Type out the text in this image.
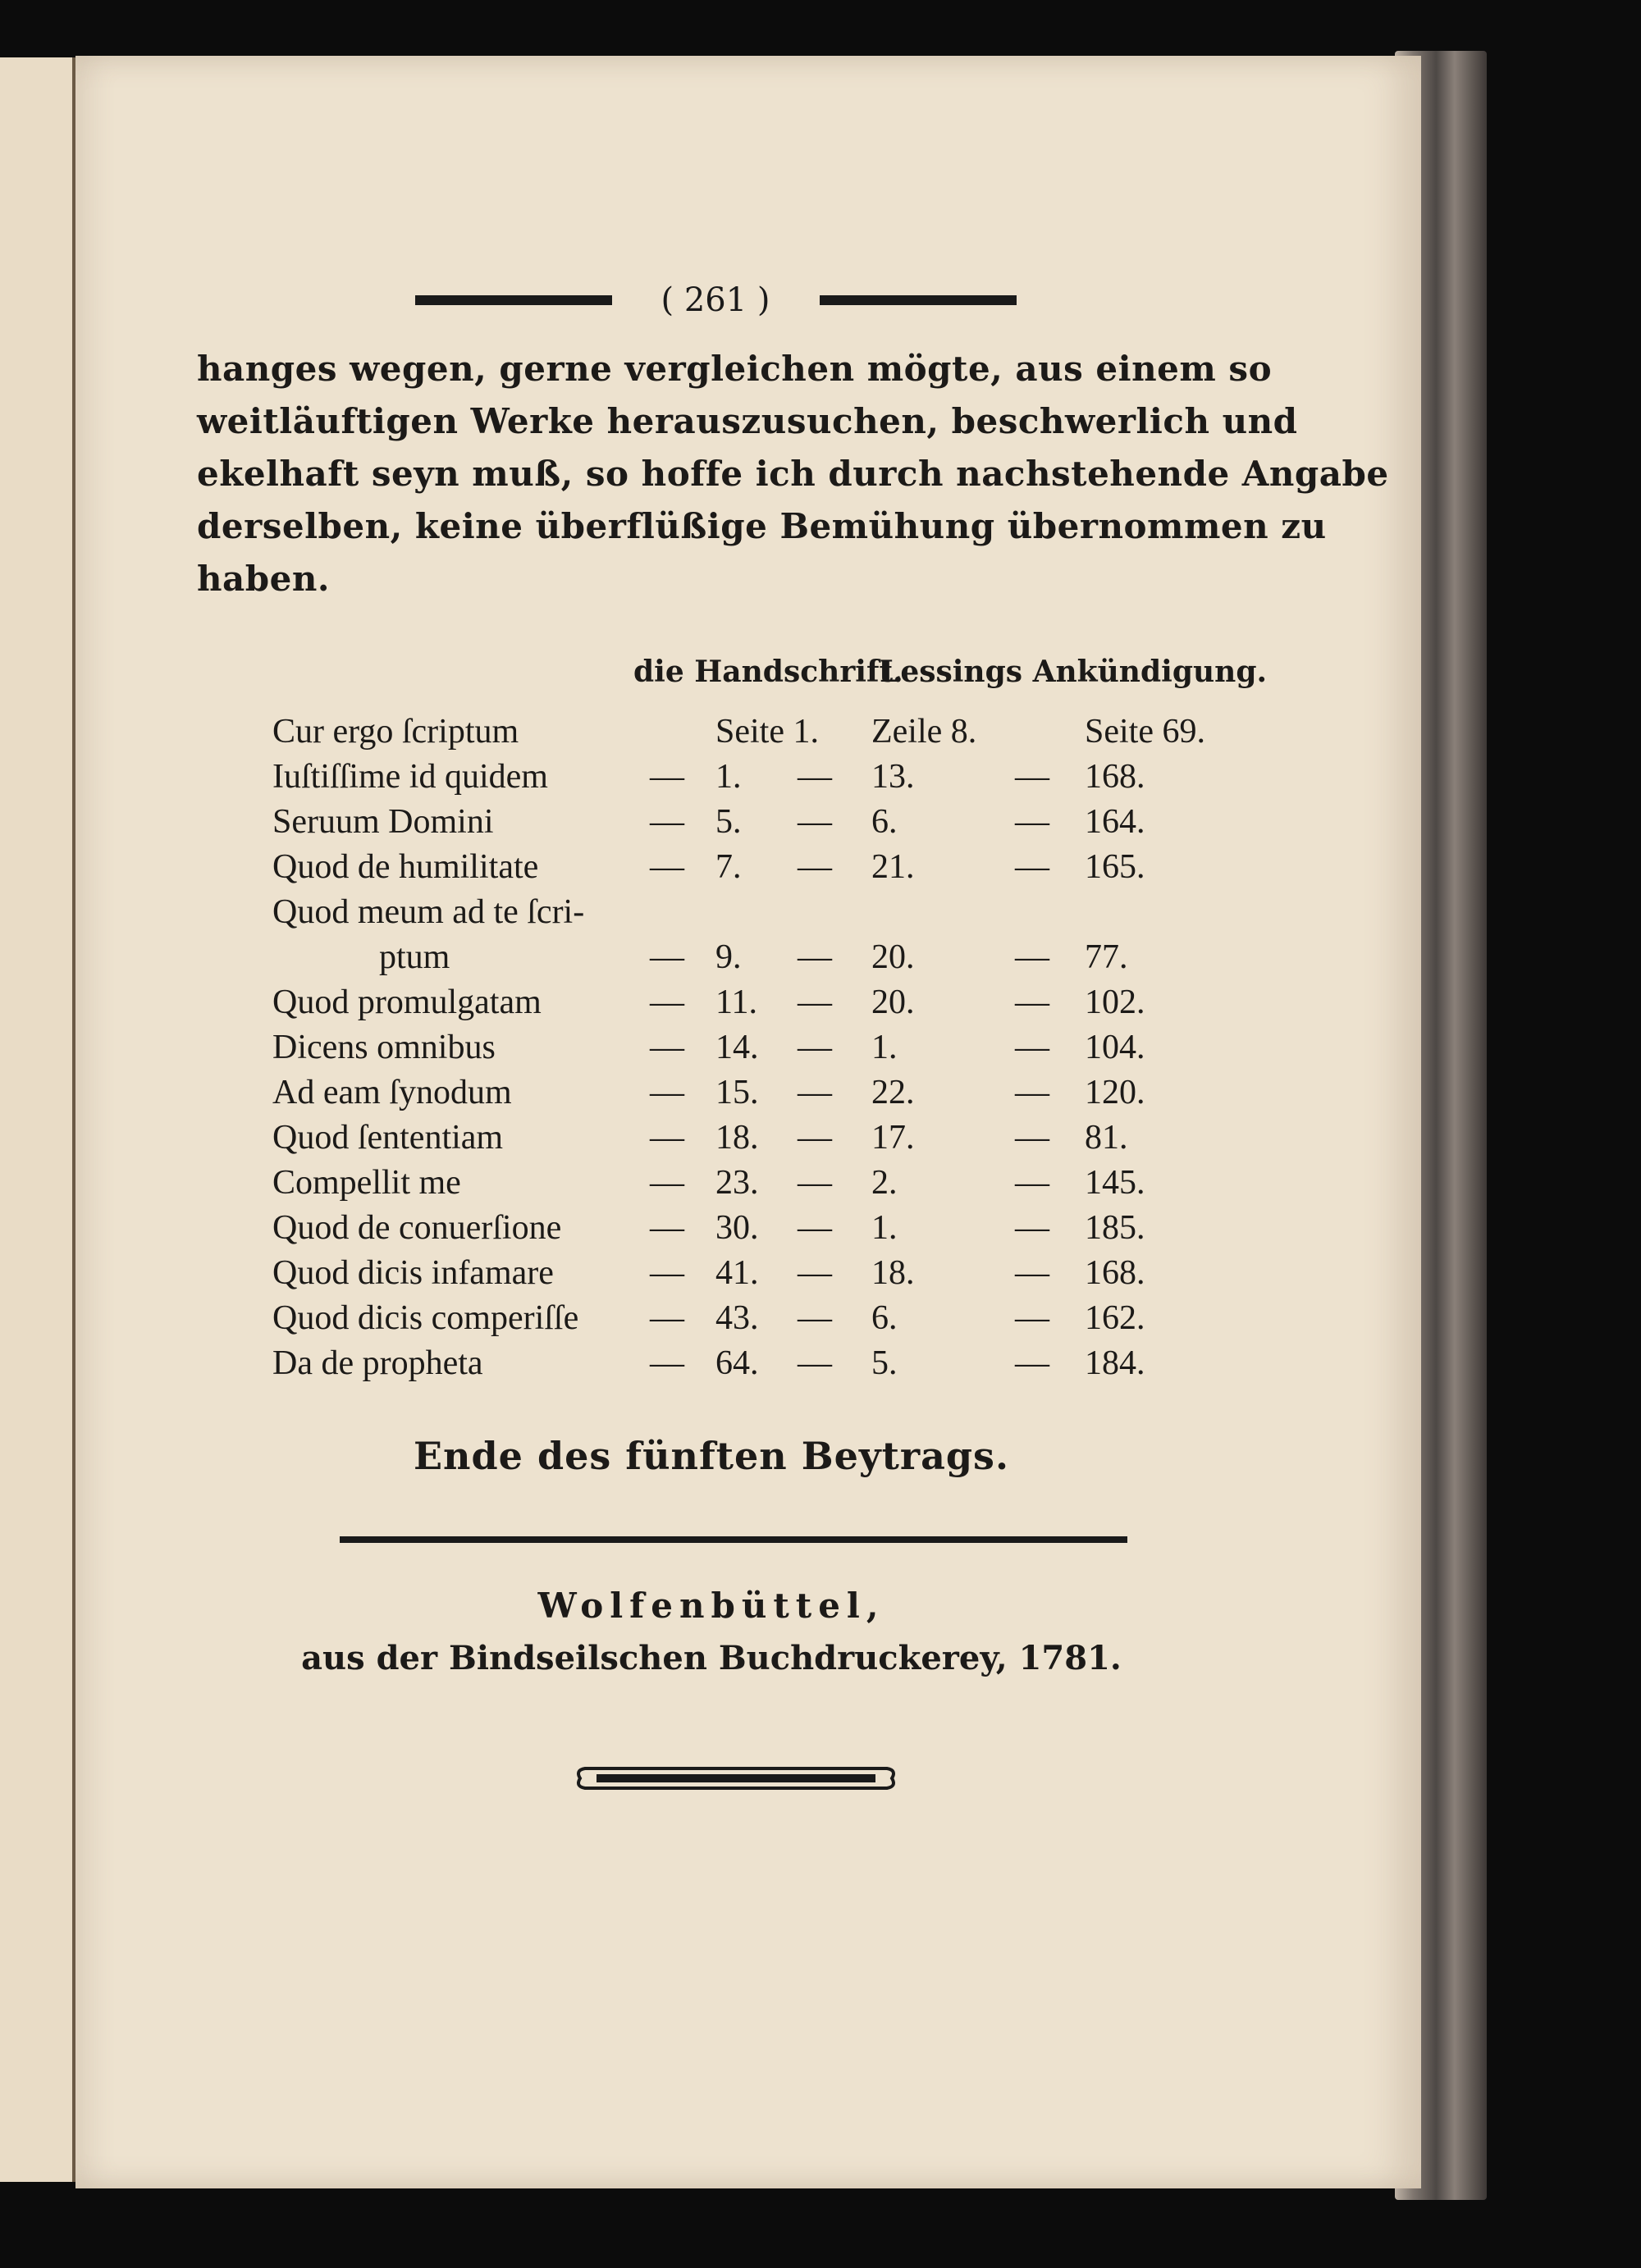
( 261 )
hanges wegen, gerne vergleichen mögte, aus einem so
weitläuftigen Werke herauszusuchen, beschwerlich und
ekelhaft seyn muß, so hoffe ich durch nachstehende Angabe
derselben, keine überflüßige Bemühung übernommen zu
haben.
die Handschrift.
Lessings Ankündigung.
Cur ergo ſcriptum	Seite 1. Zeile 8.	Seite 69.
Iuſtiſſime id quidem	— 1. — 13.	— 168.
Seruum Domini	— 5. — 6.	— 164.
Quod de humilitate	— 7. — 21.	— 165.
Quod meum ad te ſcri-
ptum	— 9. — 20.	— 77.
Quod promulgatam	— 11. — 20.	— 102.
Dicens omnibus	— 14. — 1.	— 104.
Ad eam ſynodum	— 15. — 22.	— 120.
Quod ſententiam	— 18. — 17.	— 81.
Compellit me	— 23. — 2.	— 145.
Quod de conuerſione	— 30. — 1.	— 185.
Quod dicis infamare	— 41. — 18.	— 168.
Quod dicis comperiſſe — 43. — 6.	— 162.
Da de propheta	— 64. — 5.	— 184.
Ende des fünften Beytrags.
Wolfenbüttel,
aus der Bindseilschen Buchdruckerey, 1781.
